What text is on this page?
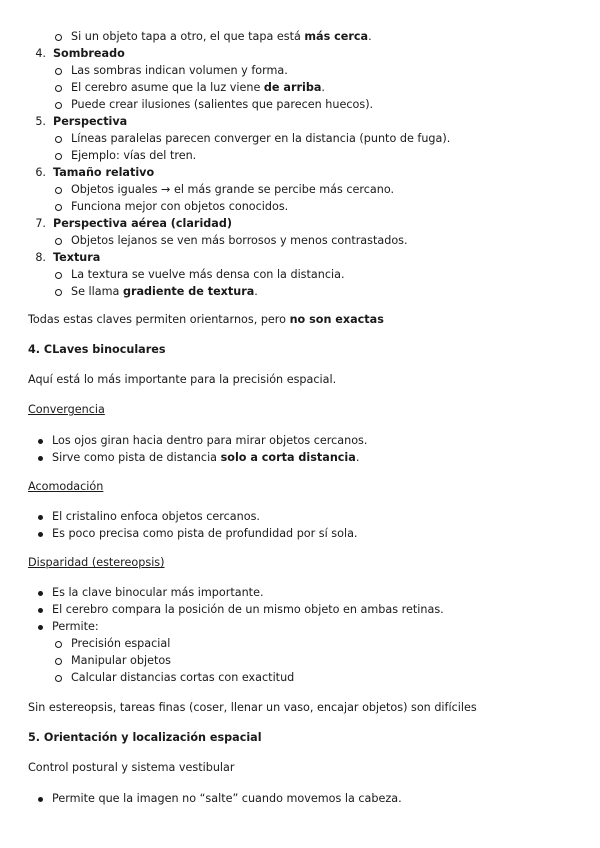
Si un objeto tapa a otro, el que tapa está más cerca.
4. Sombreado
Las sombras indican volumen y forma.
El cerebro asume que la luz viene de arriba.
Puede crear ilusiones (salientes que parecen huecos).
5. Perspectiva
Líneas paralelas parecen converger en la distancia (punto de fuga).
Ejemplo: vías del tren.
6. Tamaño relativo
Objetos iguales → el más grande se percibe más cercano.
Funciona mejor con objetos conocidos.
7. Perspectiva aérea (claridad)
Objetos lejanos se ven más borrosos y menos contrastados.
8. Textura
La textura se vuelve más densa con la distancia.
Se llama gradiente de textura.
Todas estas claves permiten orientarnos, pero no son exactas
4. CLaves binoculares
Aquí está lo más importante para la precisión espacial.
Convergencia
Los ojos giran hacia dentro para mirar objetos cercanos.
Sirve como pista de distancia solo a corta distancia.
Acomodación
El cristalino enfoca objetos cercanos.
Es poco precisa como pista de profundidad por sí sola.
Disparidad (estereopsis)
Es la clave binocular más importante.
El cerebro compara la posición de un mismo objeto en ambas retinas.
Permite:
Precisión espacial
Manipular objetos
Calcular distancias cortas con exactitud
Sin estereopsis, tareas finas (coser, llenar un vaso, encajar objetos) son difíciles
5. Orientación y localización espacial
Control postural y sistema vestibular
Permite que la imagen no “salte” cuando movemos la cabeza.
